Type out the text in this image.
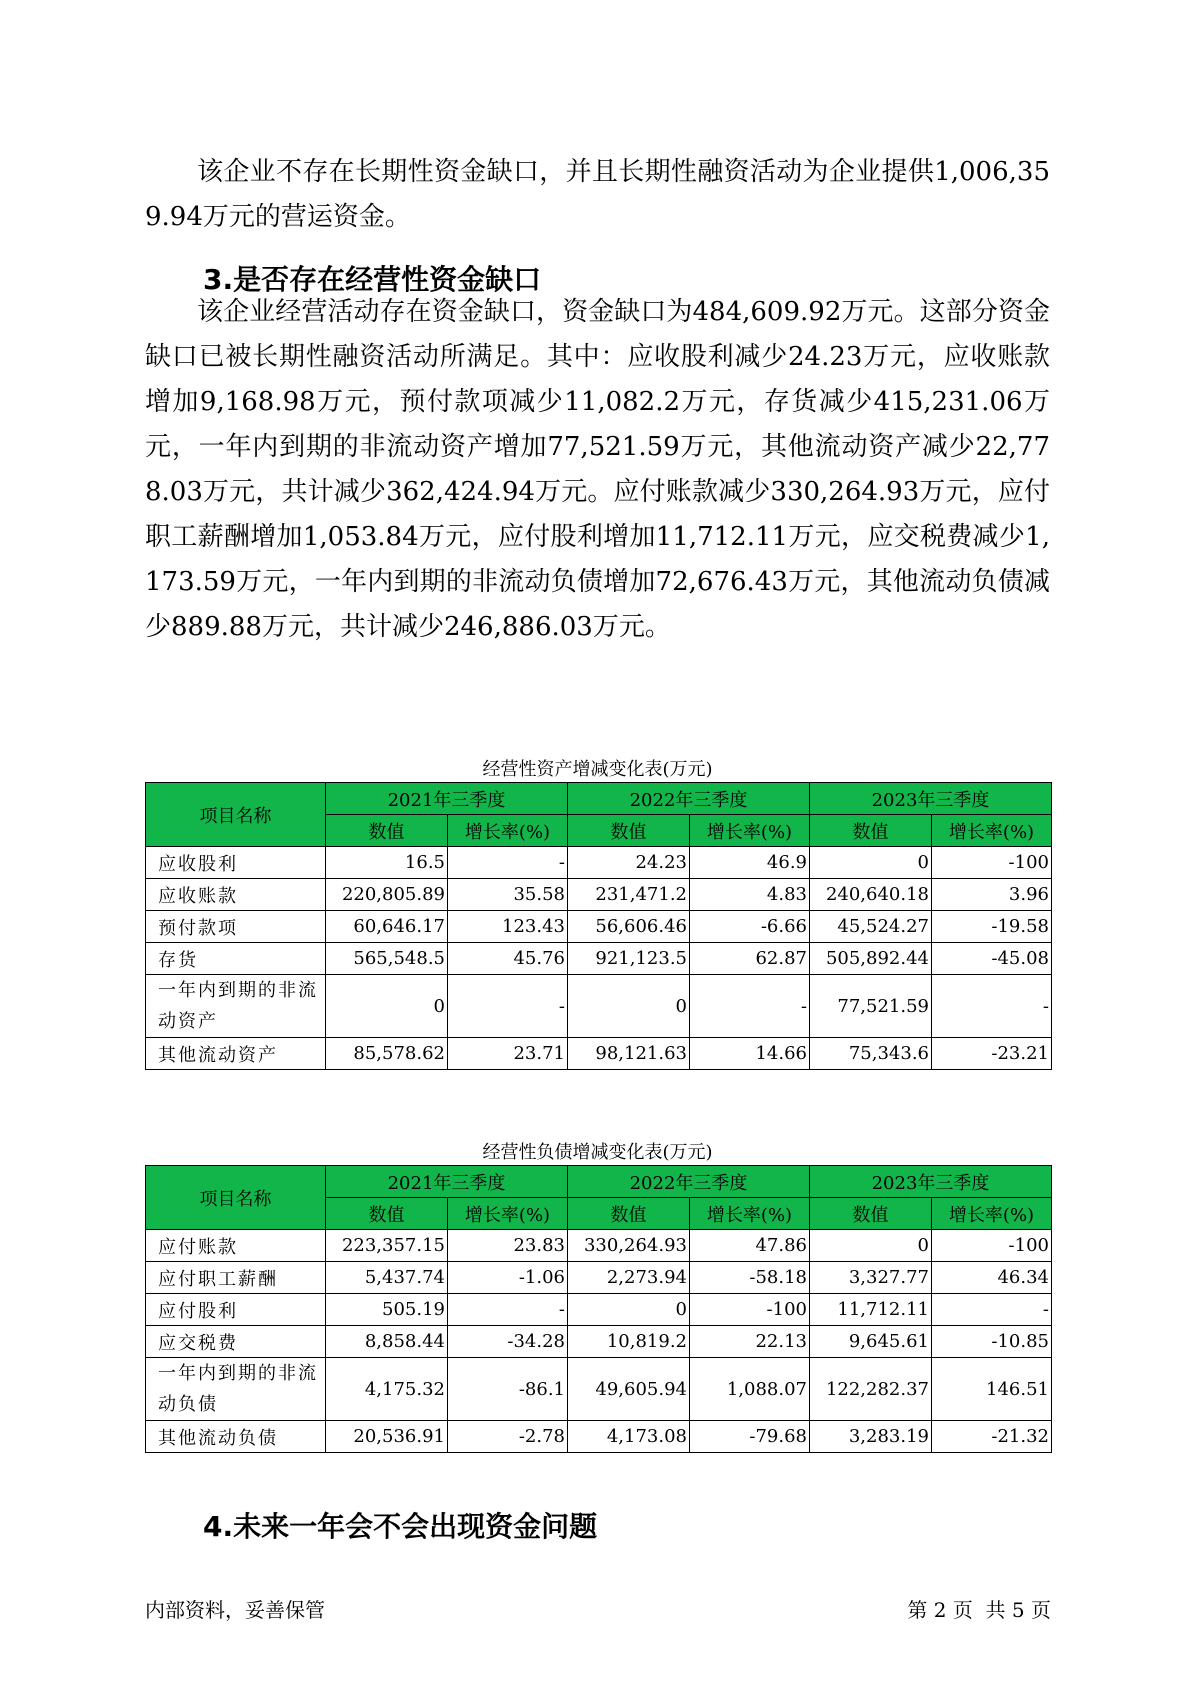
该企业不存在长期性资金缺口，并且长期性融资活动为企业提供1,006,359.94万元的营运资金。

3.是否存在经营性资金缺口

该企业经营活动存在资金缺口，资金缺口为484,609.92万元。这部分资金缺口已被长期性融资活动所满足。其中：应收股利减少24.23万元，应收账款增加9,168.98万元，预付款项减少11,082.2万元，存货减少415,231.06万元，一年内到期的非流动资产增加77,521.59万元，其他流动资产减少22,778.03万元，共计减少362,424.94万元。应付账款减少330,264.93万元，应付职工薪酬增加1,053.84万元，应付股利增加11,712.11万元，应交税费减少1,173.59万元，一年内到期的非流动负债增加72,676.43万元，其他流动负债减少889.88万元，共计减少246,886.03万元。

经营性资产增减变化表(万元)
项目名称	2021年三季度		2022年三季度		2023年三季度	
	数值	增长率(%)	数值	增长率(%)	数值	增长率(%)
应收股利	16.5	-	24.23	46.9	0	-100
应收账款	220,805.89	35.58	231,471.2	4.83	240,640.18	3.96
预付款项	60,646.17	123.43	56,606.46	-6.66	45,524.27	-19.58
存货	565,548.5	45.76	921,123.5	62.87	505,892.44	-45.08
一年内到期的非流动资产	0	-	0	-	77,521.59	-
其他流动资产	85,578.62	23.71	98,121.63	14.66	75,343.6	-23.21
经营性负债增减变化表(万元)
项目名称	2021年三季度		2022年三季度		2023年三季度	
	数值	增长率(%)	数值	增长率(%)	数值	增长率(%)
应付账款	223,357.15	23.83	330,264.93	47.86	0	-100
应付职工薪酬	5,437.74	-1.06	2,273.94	-58.18	3,327.77	46.34
应付股利	505.19	-	0	-100	11,712.11	-
应交税费	8,858.44	-34.28	10,819.2	22.13	9,645.61	-10.85
一年内到期的非流动负债	4,175.32	-86.1	49,605.94	1,088.07	122,282.37	146.51
其他流动负债	20,536.91	-2.78	4,173.08	-79.68	3,283.19	-21.32
4.未来一年会不会出现资金问题
内部资料，妥善保管	第 2 页  共 5 页
